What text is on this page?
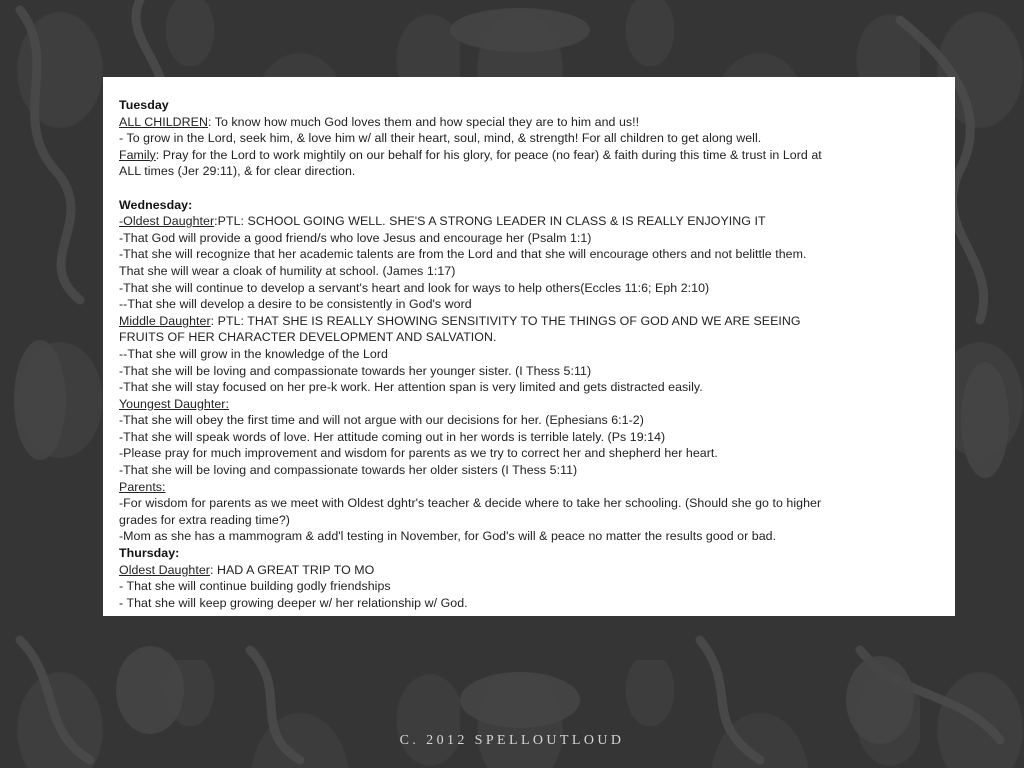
Tuesday
ALL CHILDREN: To know how much God loves them and how special they are to him and us!!
- To grow in the Lord, seek him, & love him w/ all their heart, soul, mind, & strength! For all children to get along well.
Family: Pray for the Lord to work mightily on our behalf for his glory, for peace (no fear) & faith during this time & trust in Lord at
ALL times (Jer 29:11), & for clear direction.
Wednesday:
-Oldest Daughter:PTL: SCHOOL GOING WELL. SHE'S A STRONG LEADER IN CLASS & IS REALLY ENJOYING IT
-That God will provide a good friend/s who love Jesus and encourage her (Psalm 1:1)
-That she will recognize that her academic talents are from the Lord and that she will encourage others and not belittle them.
That she will wear a cloak of humility at school. (James 1:17)
-That she will continue to develop a servant's heart and look for ways to help others(Eccles 11:6; Eph 2:10)
--That she will develop a desire to be consistently in God's word
Middle Daughter: PTL: THAT SHE IS REALLY SHOWING SENSITIVITY TO THE THINGS OF GOD AND WE ARE SEEING
FRUITS OF HER CHARACTER DEVELOPMENT AND SALVATION.
--That she will grow in the knowledge of the Lord
-That she will be loving and compassionate towards her younger sister. (I Thess 5:11)
-That she will stay focused on her pre-k work. Her attention span is very limited and gets distracted easily.
Youngest Daughter:
-That she will obey the first time and will not argue with our decisions for her. (Ephesians 6:1-2)
-That she will speak words of love. Her attitude coming out in her words is terrible lately. (Ps 19:14)
-Please pray for much improvement and wisdom for parents as we try to correct her and shepherd her heart.
-That she will be loving and compassionate towards her older sisters (I Thess 5:11)
Parents:
-For wisdom for parents as we meet with Oldest dghtr's teacher & decide where to take her schooling. (Should she go to higher
grades for extra reading time?)
-Mom as she has a mammogram & add'l testing in November, for God's will & peace no matter the results good or bad.
Thursday:
Oldest Daughter: HAD A GREAT TRIP TO MO
- That she will continue building godly friendships
- That she will keep growing deeper w/ her relationship w/ God.
C. 2012 SPELLOUTLOUD
